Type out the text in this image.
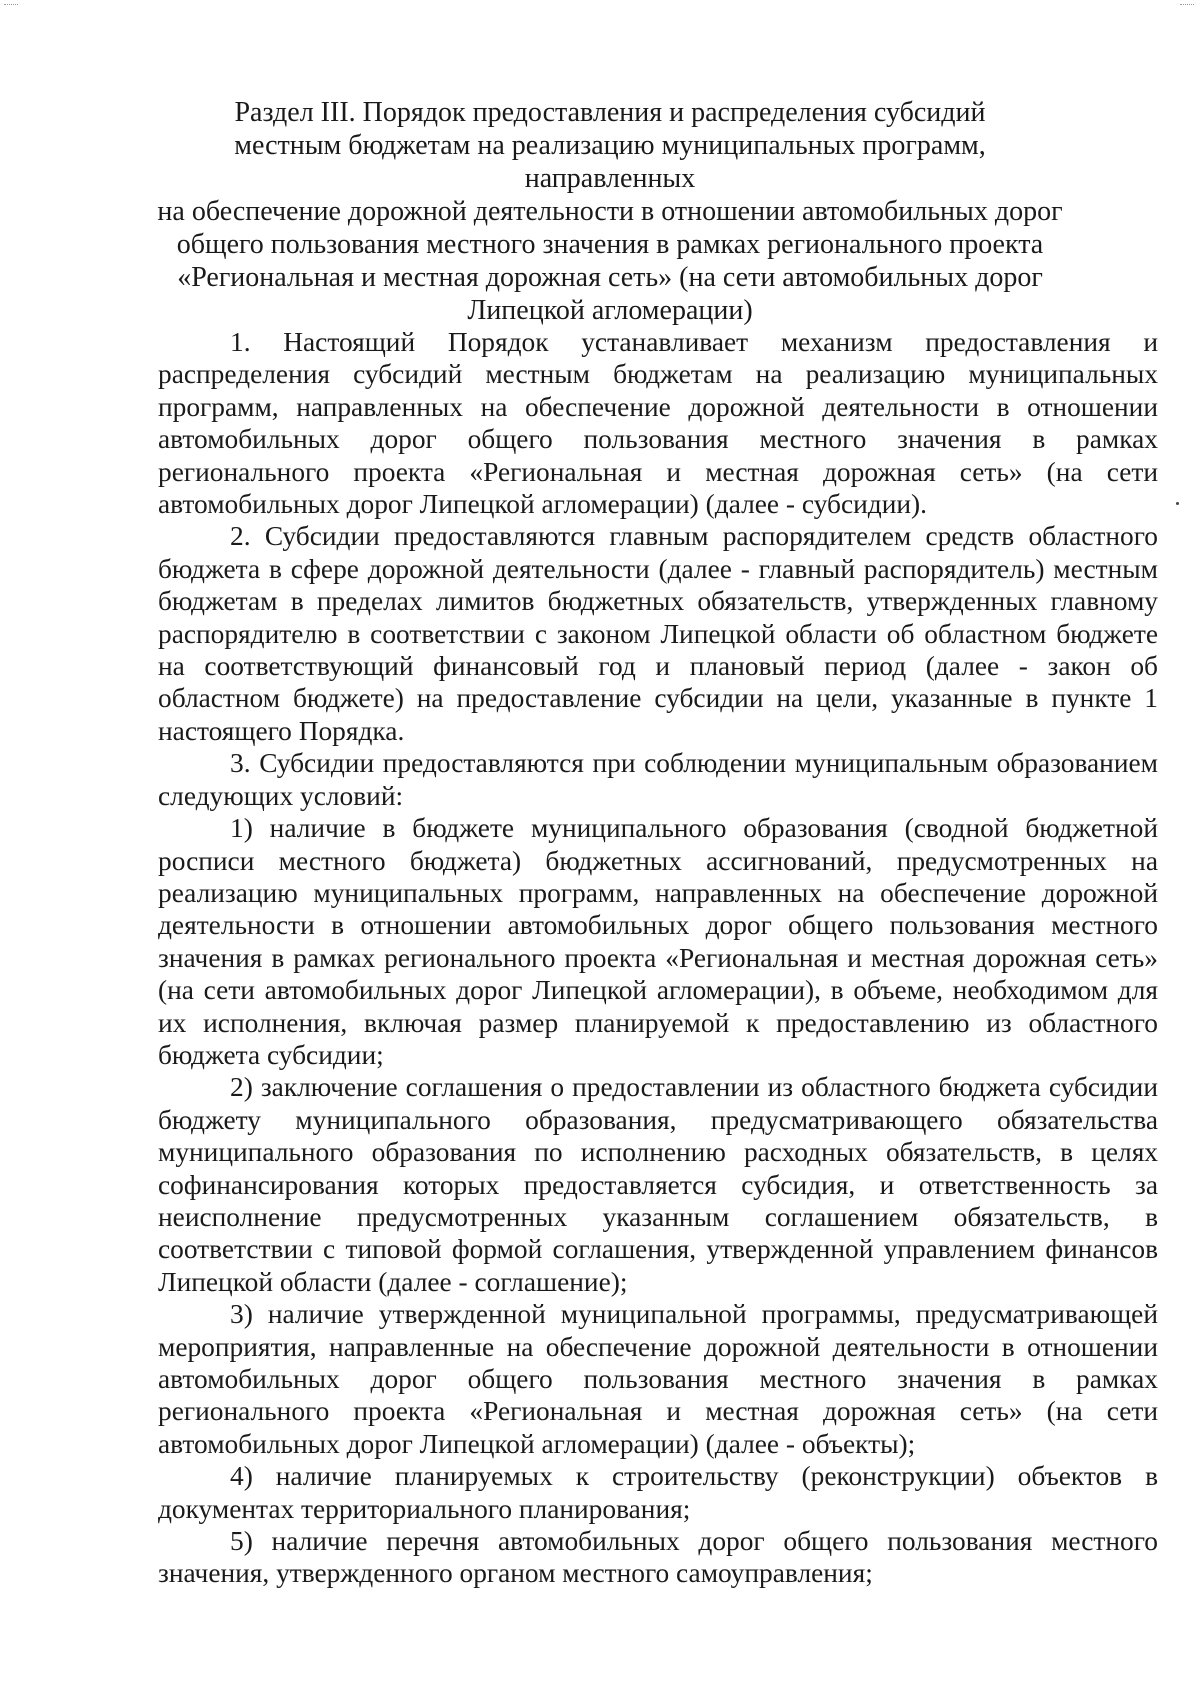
Раздел III. Порядок предоставления и распределения субсидий
местным бюджетам на реализацию муниципальных программ, направленных
на обеспечение дорожной деятельности в отношении автомобильных дорог
общего пользования местного значения в рамках регионального проекта
«Региональная и местная дорожная сеть» (на сети автомобильных дорог
Липецкой агломерации)

1. Настоящий Порядок устанавливает механизм предоставления и распределения субсидий местным бюджетам на реализацию муниципальных программ, направленных на обеспечение дорожной деятельности в отношении автомобильных дорог общего пользования местного значения в рамках регионального проекта «Региональная и местная дорожная сеть» (на сети автомобильных дорог Липецкой агломерации) (далее - субсидии).

2. Субсидии предоставляются главным распорядителем средств областного бюджета в сфере дорожной деятельности (далее - главный распорядитель) местным бюджетам в пределах лимитов бюджетных обязательств, утвержденных главному распорядителю в соответствии с законом Липецкой области об областном бюджете на соответствующий финансовый год и плановый период (далее - закон об областном бюджете) на предоставление субсидии на цели, указанные в пункте 1 настоящего Порядка.

3. Субсидии предоставляются при соблюдении муниципальным образованием следующих условий:

1) наличие в бюджете муниципального образования (сводной бюджетной росписи местного бюджета) бюджетных ассигнований, предусмотренных на реализацию муниципальных программ, направленных на обеспечение дорожной деятельности в отношении автомобильных дорог общего пользования местного значения в рамках регионального проекта «Региональная и местная дорожная сеть» (на сети автомобильных дорог Липецкой агломерации), в объеме, необходимом для их исполнения, включая размер планируемой к предоставлению из областного бюджета субсидии;

2) заключение соглашения о предоставлении из областного бюджета субсидии бюджету муниципального образования, предусматривающего обязательства муниципального образования по исполнению расходных обязательств, в целях софинансирования которых предоставляется субсидия, и ответственность за неисполнение предусмотренных указанным соглашением обязательств, в соответствии с типовой формой соглашения, утвержденной управлением финансов Липецкой области (далее - соглашение);

3) наличие утвержденной муниципальной программы, предусматривающей мероприятия, направленные на обеспечение дорожной деятельности в отношении автомобильных дорог общего пользования местного значения в рамках регионального проекта «Региональная и местная дорожная сеть» (на сети автомобильных дорог Липецкой агломерации) (далее - объекты);

4) наличие планируемых к строительству (реконструкции) объектов в документах территориального планирования;

5) наличие перечня автомобильных дорог общего пользования местного значения, утвержденного органом местного самоуправления;
